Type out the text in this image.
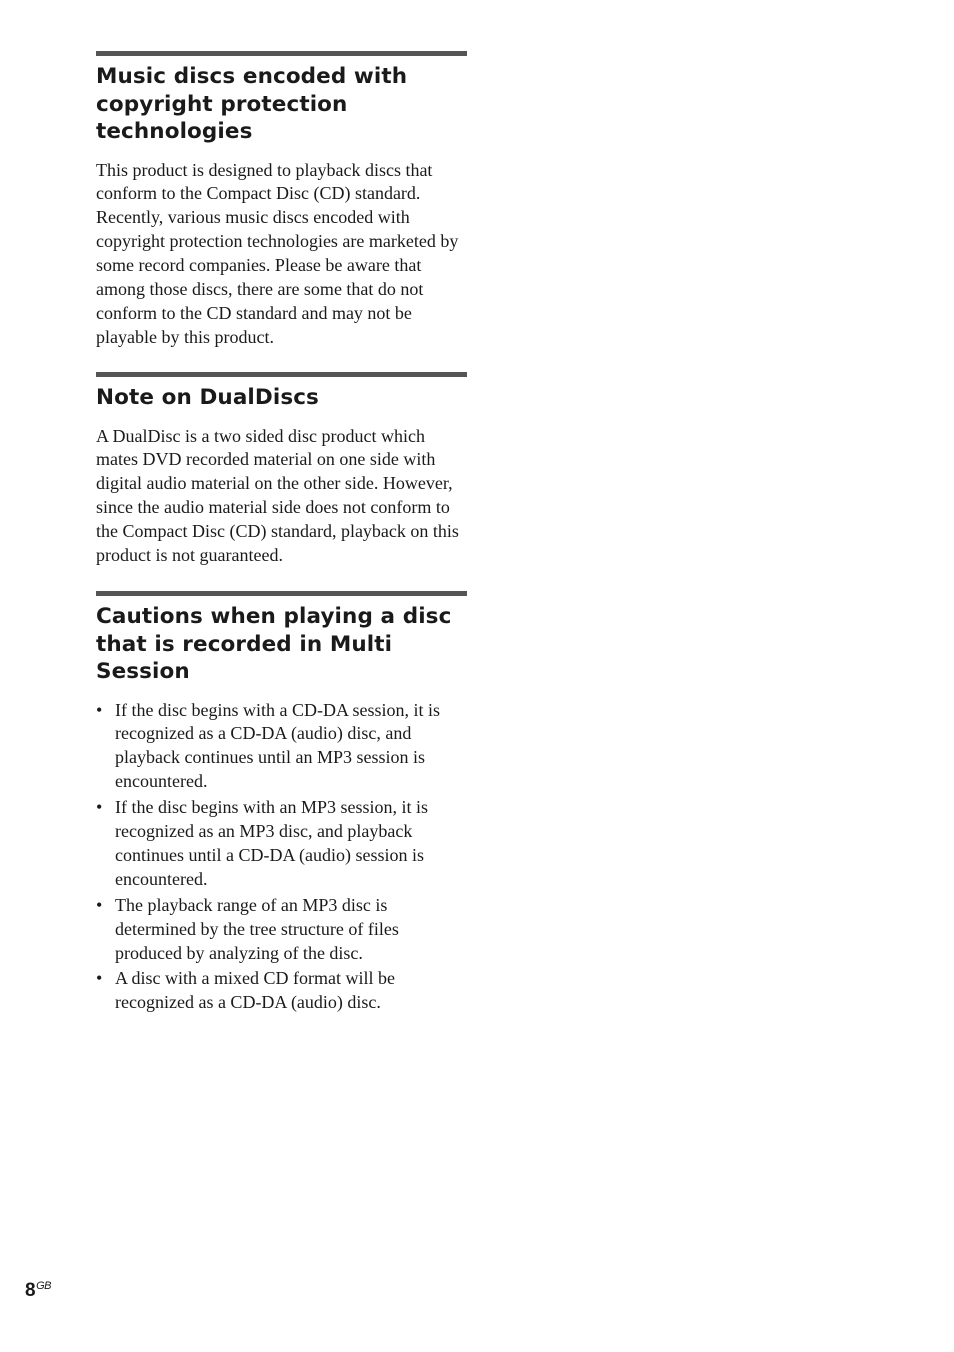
Music discs encoded with copyright protection technologies

This product is designed to playback discs that conform to the Compact Disc (CD) standard. Recently, various music discs encoded with copyright protection technologies are marketed by some record companies. Please be aware that among those discs, there are some that do not conform to the CD standard and may not be playable by this product.

Note on DualDiscs

A DualDisc is a two sided disc product which mates DVD recorded material on one side with digital audio material on the other side. However, since the audio material side does not conform to the Compact Disc (CD) standard, playback on this product is not guaranteed.

Cautions when playing a disc that is recorded in Multi Session
• If the disc begins with a CD-DA session, it is recognized as a CD-DA (audio) disc, and playback continues until an MP3 session is encountered.
• If the disc begins with an MP3 session, it is recognized as an MP3 disc, and playback continues until a CD-DA (audio) session is encountered.
• The playback range of an MP3 disc is determined by the tree structure of files produced by analyzing of the disc.
• A disc with a mixed CD format will be recognized as a CD-DA (audio) disc.
$8^{GB}$
